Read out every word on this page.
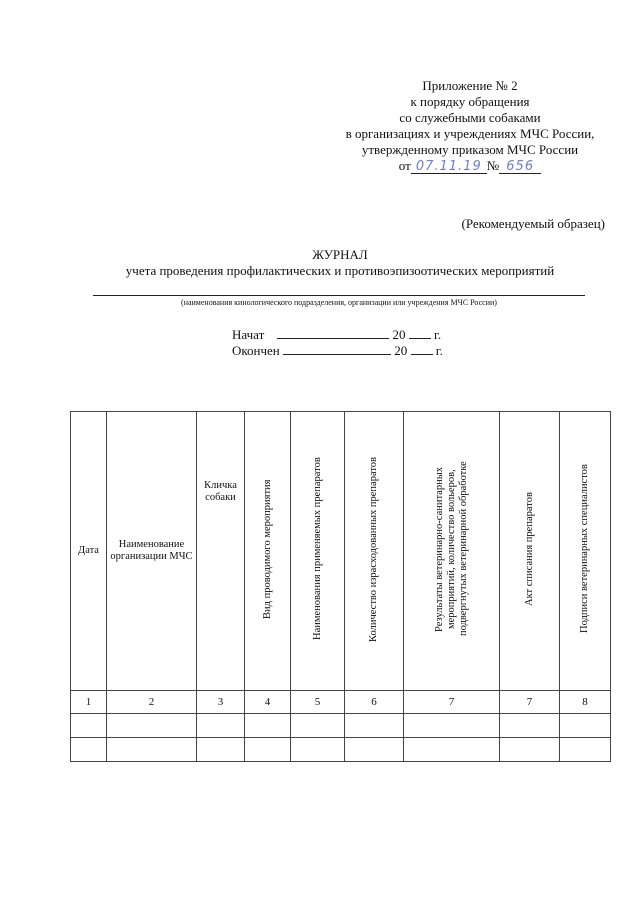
Приложение № 2
к порядку обращения
со служебными собаками
в организациях и учреждениях МЧС России,
утвержденному приказом МЧС России
от 07.11.19 № 656
(Рекомендуемый образец)
ЖУРНАЛ
учета проведения профилактических и противоэпизоотических мероприятий
(наименования кинологического подразделения, организации или учреждения МЧС России)
Начат	20 г.
Окончен	20 г.
Дата	Наименование организации МЧС	Кличка собаки	Вид проводимого мероприятия	Наименования применяемых препаратов	Количество израсходованных препаратов	Результаты ветеринарно-санитарных мероприятий, количество вольеров, подвергнутых ветеринарной обработке	Акт списания препаратов	Подписи ветеринарных специалистов
1	2	3	4	5	6	7	7	8
